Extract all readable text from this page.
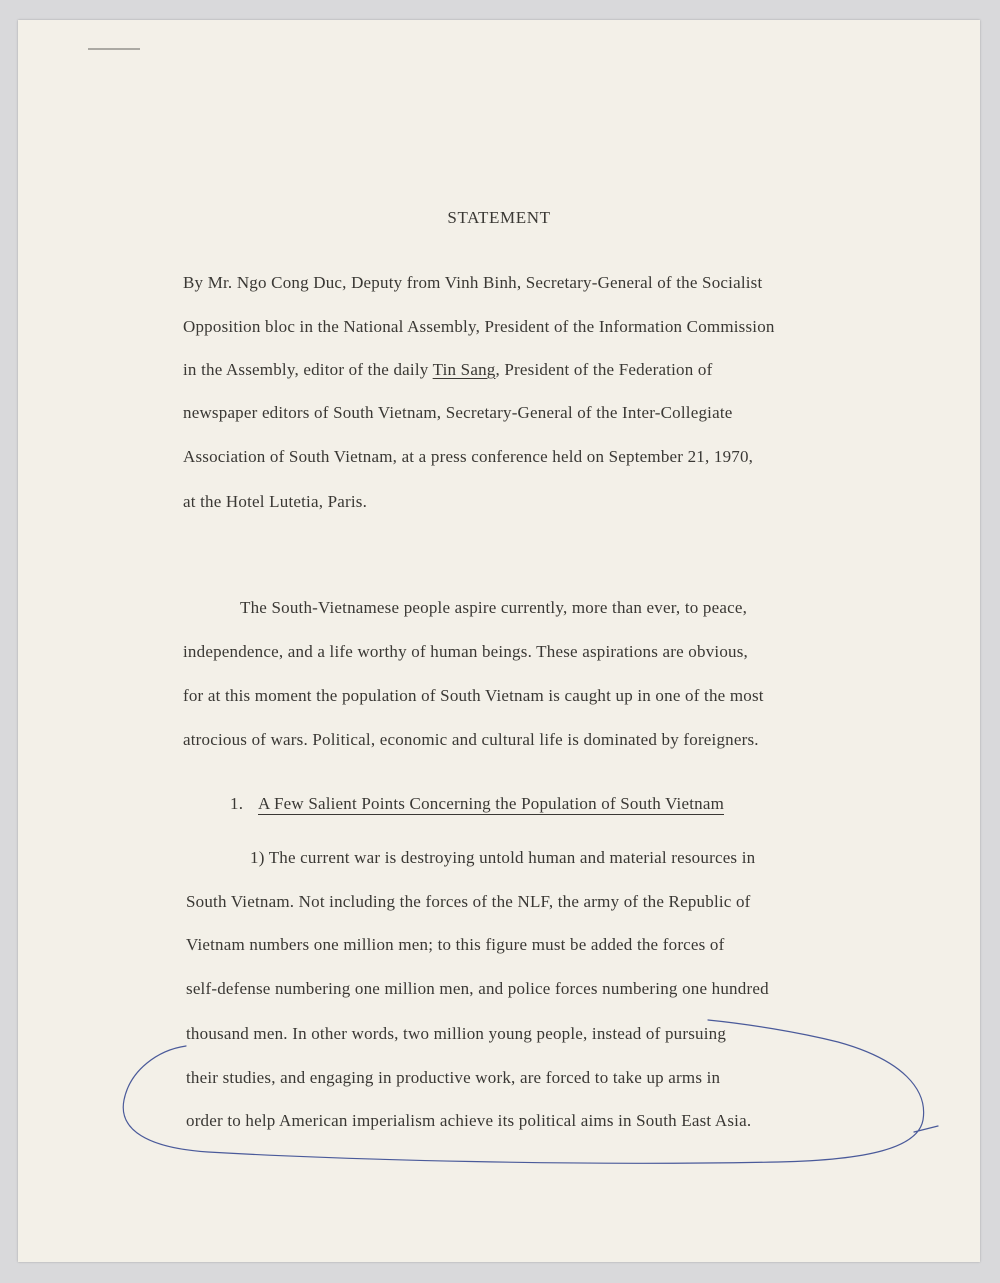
STATEMENT
By Mr. Ngo Cong Duc, Deputy from Vinh Binh, Secretary-General of the Socialist
Opposition bloc in the National Assembly, President of the Information Commission
in the Assembly, editor of the daily Tin Sang, President of the Federation of
newspaper editors of South Vietnam, Secretary-General of the Inter-Collegiate
Association of South Vietnam, at a press conference held on September 21, 1970,
at the Hotel Lutetia, Paris.
The South-Vietnamese people aspire currently, more than ever, to peace,
independence, and a life worthy of human beings. These aspirations are obvious,
for at this moment the population of South Vietnam is caught up in one of the most
atrocious of wars. Political, economic and cultural life is dominated by foreigners.
1. A Few Salient Points Concerning the Population of South Vietnam
1) The current war is destroying untold human and material resources in
South Vietnam. Not including the forces of the NLF, the army of the Republic of
Vietnam numbers one million men; to this figure must be added the forces of
self-defense numbering one million men, and police forces numbering one hundred
thousand men. In other words, two million young people, instead of pursuing
their studies, and engaging in productive work, are forced to take up arms in
order to help American imperialism achieve its political aims in South East Asia.
